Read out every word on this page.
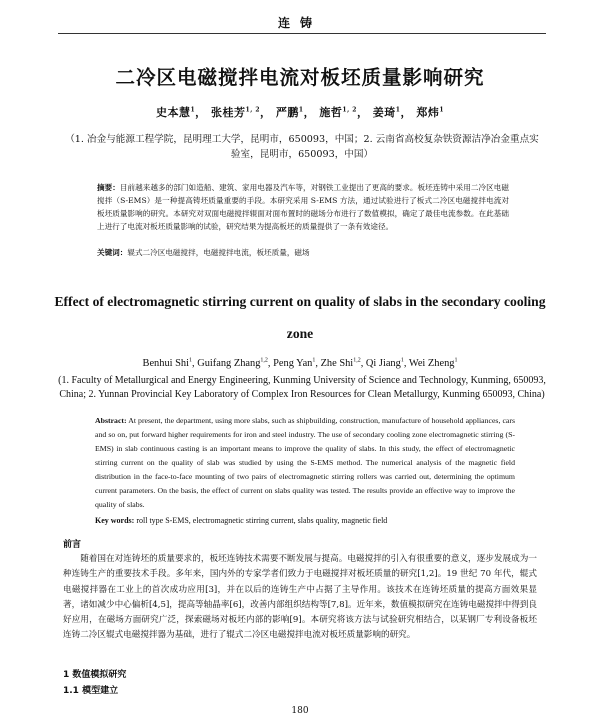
连铸
二冷区电磁搅拌电流对板坯质量影响研究
史本慧$^1$， 张桂芳$^{1, 2}$， 严鹏$^1$， 施哲$^{1, 2}$， 姜琦$^1$， 郑炜$^1$
（1. 冶金与能源工程学院，昆明理工大学，昆明市，650093，中国；2. 云南省高校复杂铁资源洁净冶金重点实验室，昆明市，650093，中国）
摘要：目前越来越多的部门如造船、建筑、家用电器及汽车等，对钢铁工业提出了更高的要求。板坯连铸中采用二冷区电磁搅拌（S-EMS）是一种提高铸坯质量重要的手段。本研究采用 S-EMS 方法，通过试验进行了板式二冷区电磁搅拌电流对板坯质量影响的研究。本研究对双面电磁搅拌辊面对面布置时的磁场分布进行了数值模拟，确定了最佳电流参数。在此基础上进行了电流对板坯质量影响的试验，研究结果为提高板坯的质量提供了一条有效途径。
关键词：辊式二冷区电磁搅拌，电磁搅拌电流，板坯质量，磁场
Effect of electromagnetic stirring current on quality of slabs in the secondary cooling zone
Benhui Shi$^1$, Guifang Zhang$^{1,2}$, Peng Yan$^1$, Zhe Shi$^{1,2}$, Qi Jiang$^1$, Wei Zheng$^1$
(1. Faculty of Metallurgical and Energy Engineering, Kunming University of Science and Technology, Kunming, 650093, China; 2. Yunnan Provincial Key Laboratory of Complex Iron Resources for Clean Metallurgy, Kunming 650093, China)
Abstract: At present, the department, using more slabs, such as shipbuilding, construction, manufacture of household appliances, cars and so on, put forward higher requirements for iron and steel industry. The use of secondary cooling zone electromagnetic stirring (S-EMS) in slab continuous casting is an important means to improve the quality of slabs. In this study, the effect of electromagnetic stirring current on the quality of slab was studied by using the S-EMS method. The numerical analysis of the magnetic field distribution in the face-to-face mounting of two pairs of electromagnetic stirring rollers was carried out, determining the optimum current parameters. On the basis, the effect of current on slabs quality was tested. The results provide an effective way to improve the quality of slabs.
Key words: roll type S-EMS, electromagnetic stirring current, slabs quality, magnetic field
前言
随着国在对连铸坯的质量要求的，板坯连铸技术需要不断发展与提高。电磁搅拌的引入有很重要的意义，逐步发展成为一种连铸生产的重要技术手段。多年来，国内外的专家学者们致力于电磁搅拌对板坯质量的研究[1,2]。19 世纪 70 年代，辊式电磁搅拌器在工业上的首次成功应用[3]，并在以后的连铸生产中占据了主导作用。该技术在连铸坯质量的提高方面效果显著，诸如减少中心偏析[4,5]，提高等轴晶率[6]，改善内部组织结构等[7,8]。近年来，数值模拟研究在连铸电磁搅拌中得到良好应用，在磁场方面研究广泛，探索磁场对板坯内部的影响[9]。本研究将该方法与试验研究相结合，以某钢厂专利设备板坯连铸二冷区辊式电磁搅拌器为基础，进行了辊式二冷区电磁搅拌电流对板坯质量影响的研究。
1 数值模拟研究
1.1 模型建立
180
